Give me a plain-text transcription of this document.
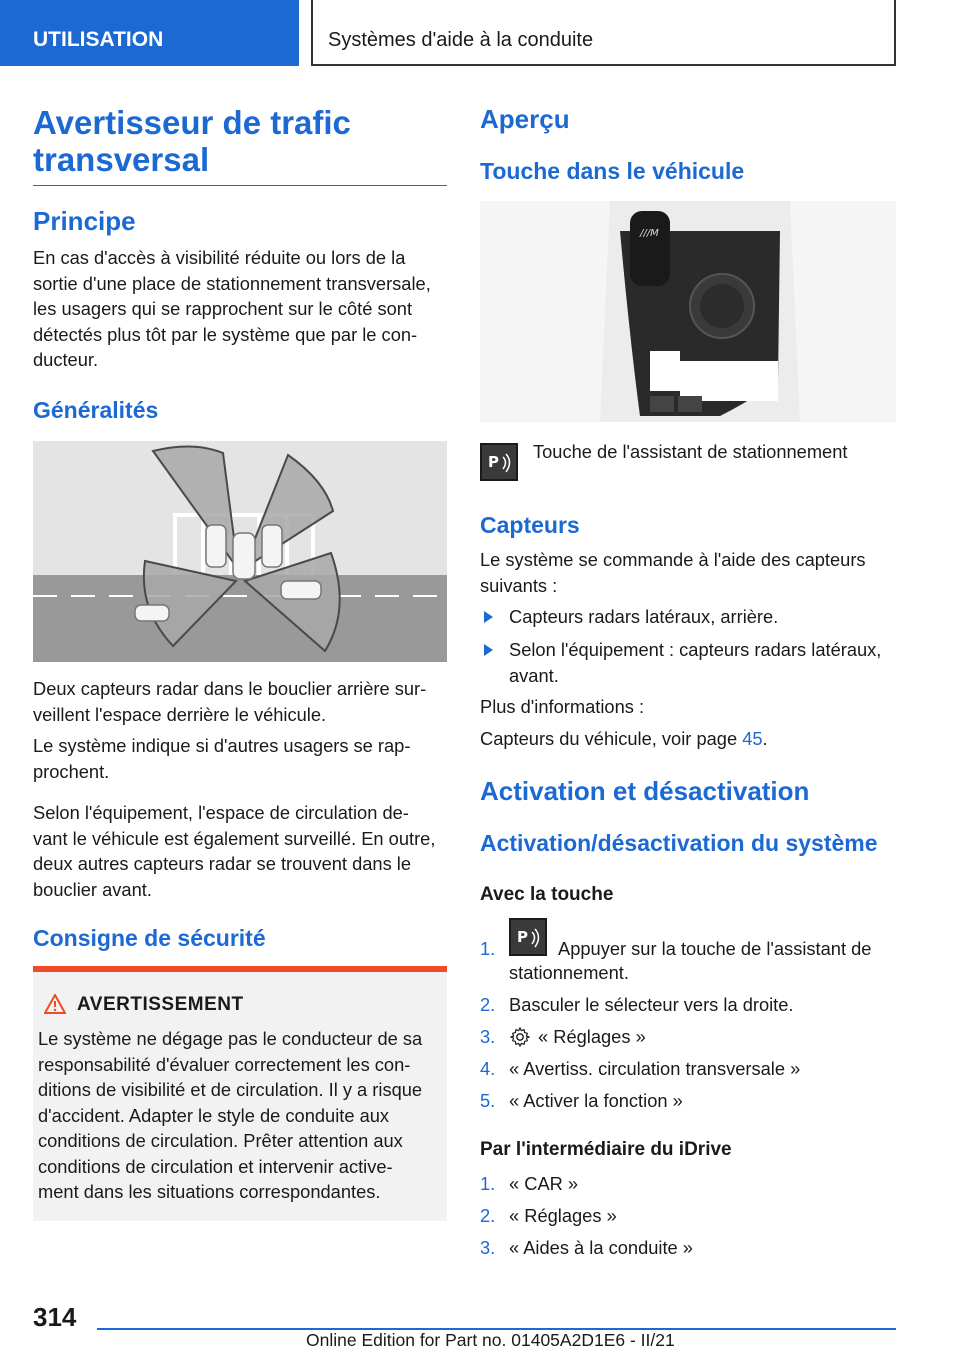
UTILISATION	Systèmes d'aide à la conduite
Avertisseur de trafic
transversal
Principe
En cas d'accès à visibilité réduite ou lors de la
sortie d'une place de stationnement transversale,
les usagers qui se rapprochent sur le côté sont
détectés plus tôt par le système que par le con-
ducteur.
Généralités
Deux capteurs radar dans le bouclier arrière sur-
veillent l'espace derrière le véhicule.
Le système indique si d'autres usagers se rap-
prochent.
Selon l'équipement, l'espace de circulation de-
vant le véhicule est également surveillé. En outre,
deux autres capteurs radar se trouvent dans le
bouclier avant.
Consigne de sécurité
AVERTISSEMENT
Le système ne dégage pas le conducteur de sa
responsabilité d'évaluer correctement les con-
ditions de visibilité et de circulation. Il y a risque
d'accident. Adapter le style de conduite aux
conditions de circulation. Prêter attention aux
conditions de circulation et intervenir active-
ment dans les situations correspondantes.
Aperçu
Touche dans le véhicule
///M
P Touche de l'assistant de stationnement
Capteurs
Le système se commande à l'aide des capteurs
suivants :
Capteurs radars latéraux, arrière.
Selon l'équipement : capteurs radars latéraux,
avant.
Plus d'informations :
Capteurs du véhicule, voir page 45.
Activation et désactivation
Activation/désactivation du système
Avec la touche
1.
P
Appuyer sur la touche de l'assistant de
stationnement.
2. Basculer le sélecteur vers la droite.
3. « Réglages »
4. « Avertiss. circulation transversale »
5. « Activer la fonction »
Par l'intermédiaire du iDrive
1. « CAR »
2. « Réglages »
3. « Aides à la conduite »
314
Online Edition for Part no. 01405A2D1E6 - II/21
